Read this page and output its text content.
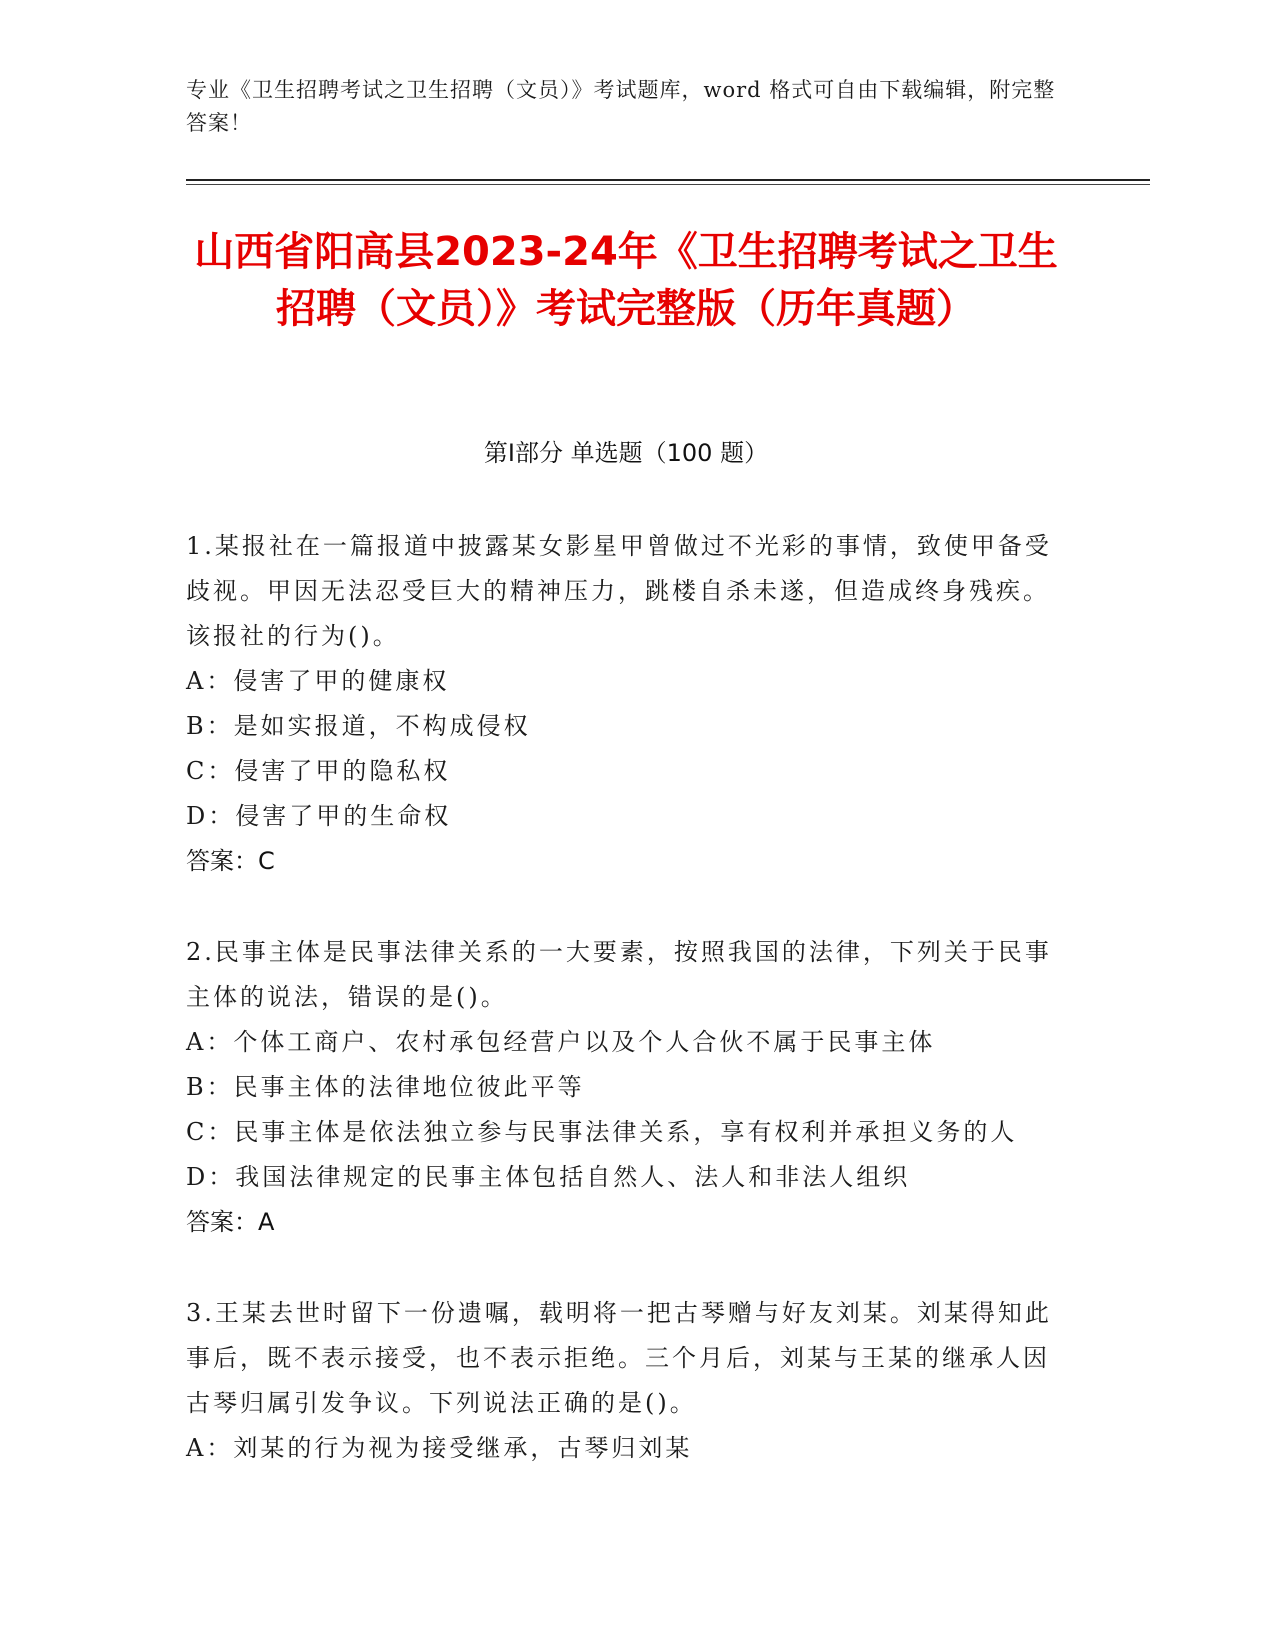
专业《卫生招聘考试之卫生招聘（文员）》考试题库，word 格式可自由下载编辑，附完整答案！
山西省阳高县2023-24年《卫生招聘考试之卫生招聘（文员）》考试完整版（历年真题）
第Ⅰ部分 单选题（100 题）
1.某报社在一篇报道中披露某女影星甲曾做过不光彩的事情，致使甲备受歧视。甲因无法忍受巨大的精神压力，跳楼自杀未遂，但造成终身残疾。该报社的行为()。
A：侵害了甲的健康权
B：是如实报道，不构成侵权
C：侵害了甲的隐私权
D：侵害了甲的生命权
答案：C
2.民事主体是民事法律关系的一大要素，按照我国的法律，下列关于民事主体的说法，错误的是()。
A：个体工商户、农村承包经营户以及个人合伙不属于民事主体
B：民事主体的法律地位彼此平等
C：民事主体是依法独立参与民事法律关系，享有权利并承担义务的人
D：我国法律规定的民事主体包括自然人、法人和非法人组织
答案：A
3.王某去世时留下一份遗嘱，载明将一把古琴赠与好友刘某。刘某得知此事后，既不表示接受，也不表示拒绝。三个月后，刘某与王某的继承人因古琴归属引发争议。下列说法正确的是()。
A：刘某的行为视为接受继承，古琴归刘某
